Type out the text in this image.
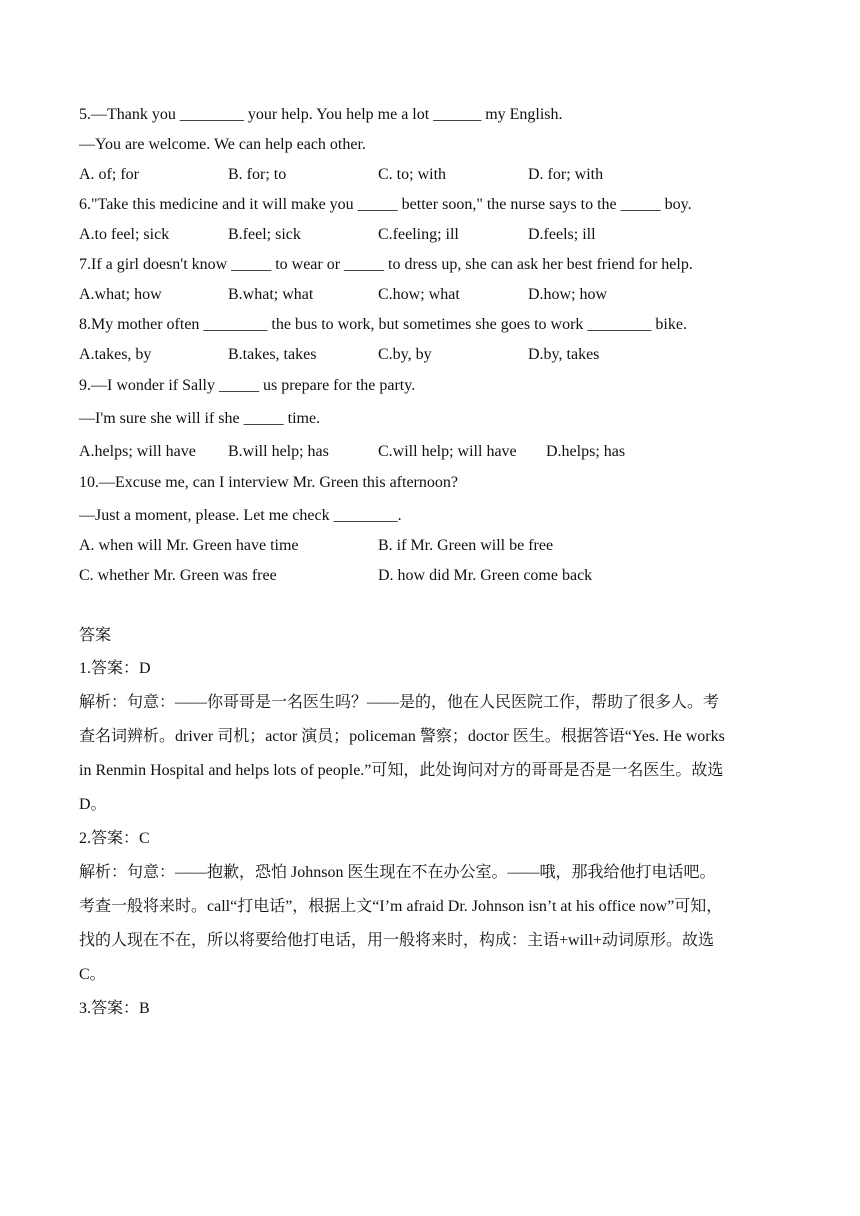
5.—Thank you ________ your help. You help me a lot ______ my English.
—You are welcome. We can help each other.
A. of; for	B. for; to	C. to; with	D. for; with
6."Take this medicine and it will make you _____ better soon," the nurse says to the _____ boy.
A.to feel; sick	B.feel; sick	C.feeling; ill	D.feels; ill
7.If a girl doesn't know _____ to wear or _____ to dress up, she can ask her best friend for help.
A.what; how	B.what; what	C.how; what	D.how; how
8.My mother often ________ the bus to work, but sometimes she goes to work ________ bike.
A.takes, by	B.takes, takes	C.by, by	D.by, takes
9.—I wonder if Sally _____ us prepare for the party.
—I'm sure she will if she _____ time.
A.helps; will have B.will help; has	C.will help; will have D.helps; has
10.—Excuse me, can I interview Mr. Green this afternoon?
—Just a moment, please. Let me check ________.
A. when will Mr. Green have time	B. if Mr. Green will be free
C. whether Mr. Green was free	D. how did Mr. Green come back
答案
1.答案：D
解析：句意：——你哥哥是一名医生吗？——是的，他在人民医院工作，帮助了很多人。考
查名词辨析。driver 司机；actor 演员；policeman 警察；doctor 医生。根据答语“Yes. He works
in Renmin Hospital and helps lots of people.”可知，此处询问对方的哥哥是否是一名医生。故选
D。
2.答案：C
解析：句意：——抱歉，恐怕 Johnson 医生现在不在办公室。——哦，那我给他打电话吧。
考查一般将来时。call“打电话”，根据上文“I’m afraid Dr. Johnson isn’t at his office now”可知，
找的人现在不在，所以将要给他打电话，用一般将来时，构成：主语+will+动词原形。故选
C。
3.答案：B
